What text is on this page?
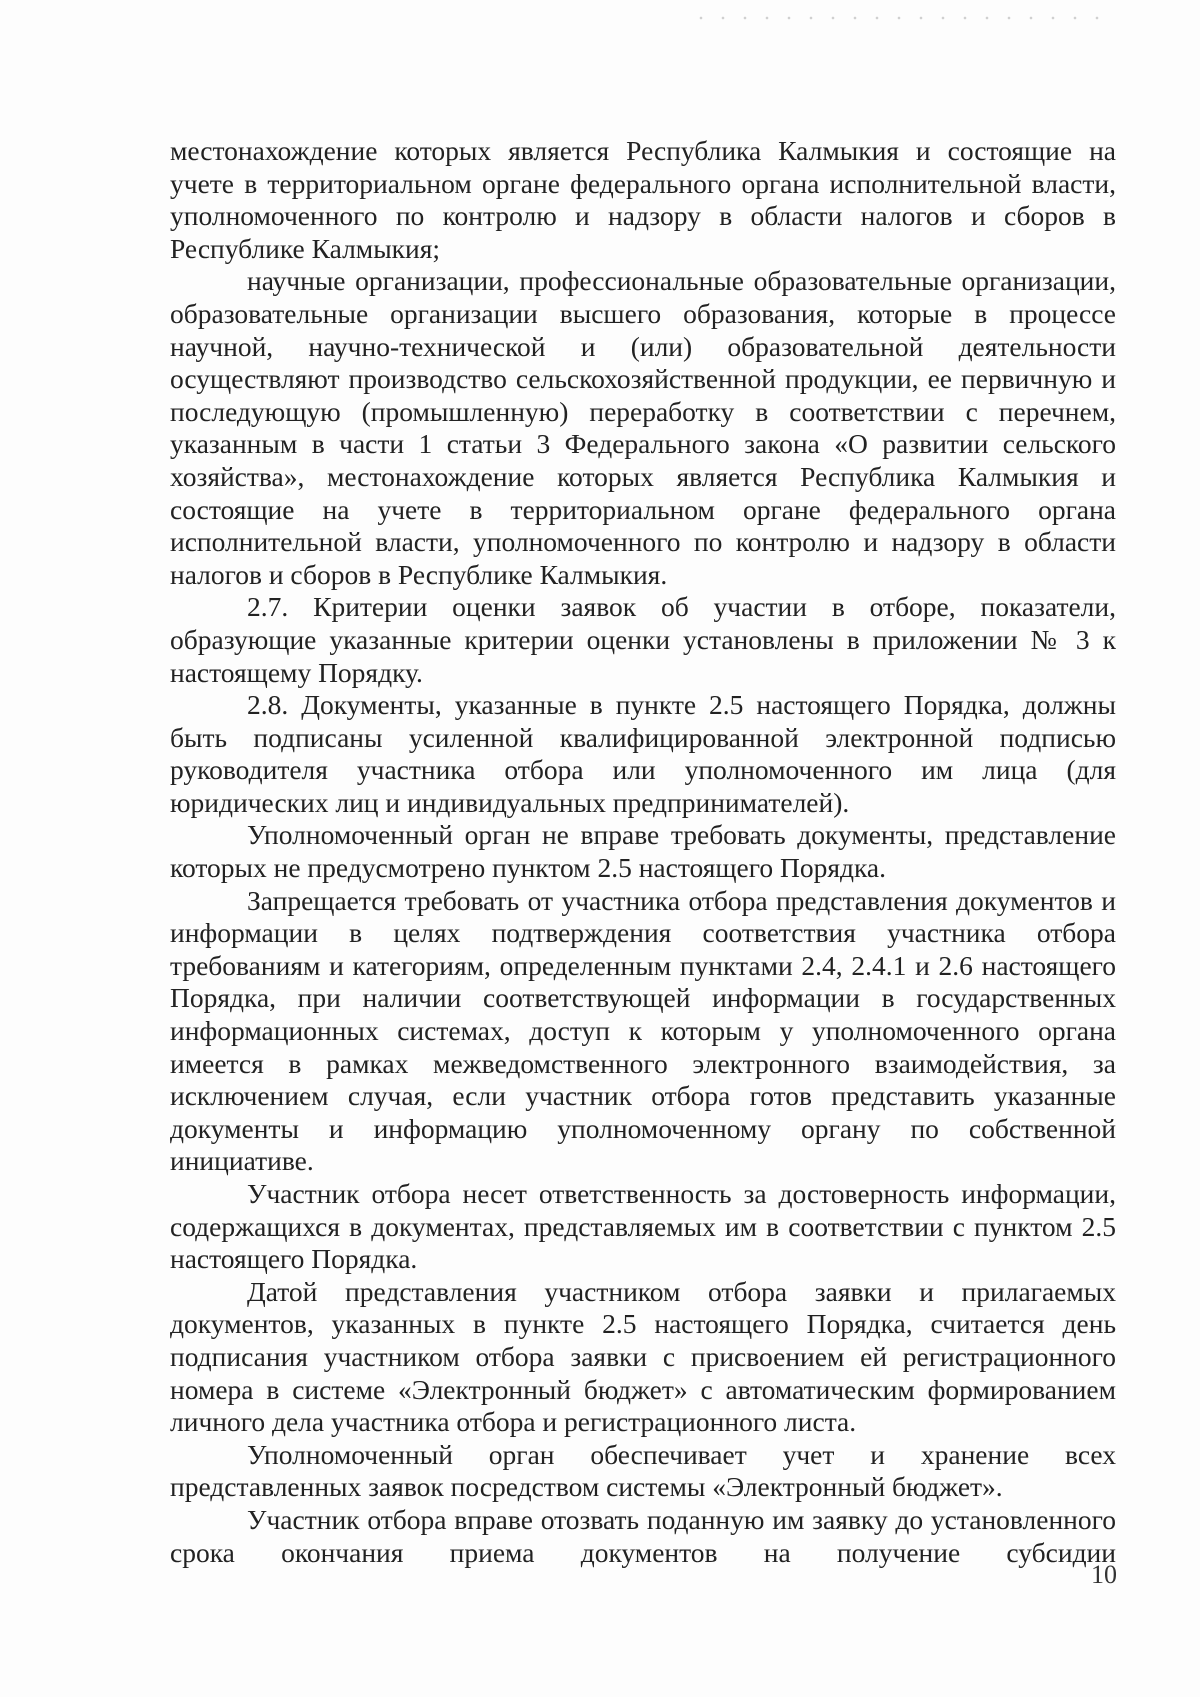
местонахождение которых является Республика Калмыкия и состоящие на учете в территориальном органе федерального органа исполнительной власти, уполномоченного по контролю и надзору в области налогов и сборов в Республике Калмыкия;

научные организации, профессиональные образовательные организации, образовательные организации высшего образования, которые в процессе научной, научно-технической и (или) образовательной деятельности осуществляют производство сельскохозяйственной продукции, ее первичную и последующую (промышленную) переработку в соответствии с перечнем, указанным в части 1 статьи 3 Федерального закона «О развитии сельского хозяйства», местонахождение которых является Республика Калмыкия и состоящие на учете в территориальном органе федерального органа исполнительной власти, уполномоченного по контролю и надзору в области налогов и сборов в Республике Калмыкия.

2.7. Критерии оценки заявок об участии в отборе, показатели, образующие указанные критерии оценки установлены в приложении № 3 к настоящему Порядку.

2.8. Документы, указанные в пункте 2.5 настоящего Порядка, должны быть подписаны усиленной квалифицированной электронной подписью руководителя участника отбора или уполномоченного им лица (для юридических лиц и индивидуальных предпринимателей).

Уполномоченный орган не вправе требовать документы, представление которых не предусмотрено пунктом 2.5 настоящего Порядка.

Запрещается требовать от участника отбора представления документов и информации в целях подтверждения соответствия участника отбора требованиям и категориям, определенным пунктами 2.4, 2.4.1 и 2.6 настоящего Порядка, при наличии соответствующей информации в государственных информационных системах, доступ к которым у уполномоченного органа имеется в рамках межведомственного электронного взаимодействия, за исключением случая, если участник отбора готов представить указанные документы и информацию уполномоченному органу по собственной инициативе.

Участник отбора несет ответственность за достоверность информации, содержащихся в документах, представляемых им в соответствии с пунктом 2.5 настоящего Порядка.

Датой представления участником отбора заявки и прилагаемых документов, указанных в пункте 2.5 настоящего Порядка, считается день подписания участником отбора заявки с присвоением ей регистрационного номера в системе «Электронный бюджет» с автоматическим формированием личного дела участника отбора и регистрационного листа.

Уполномоченный орган обеспечивает учет и хранение всех представленных заявок посредством системы «Электронный бюджет».

Участник отбора вправе отозвать поданную им заявку до установленного срока окончания приема документов на получение субсидии

10
